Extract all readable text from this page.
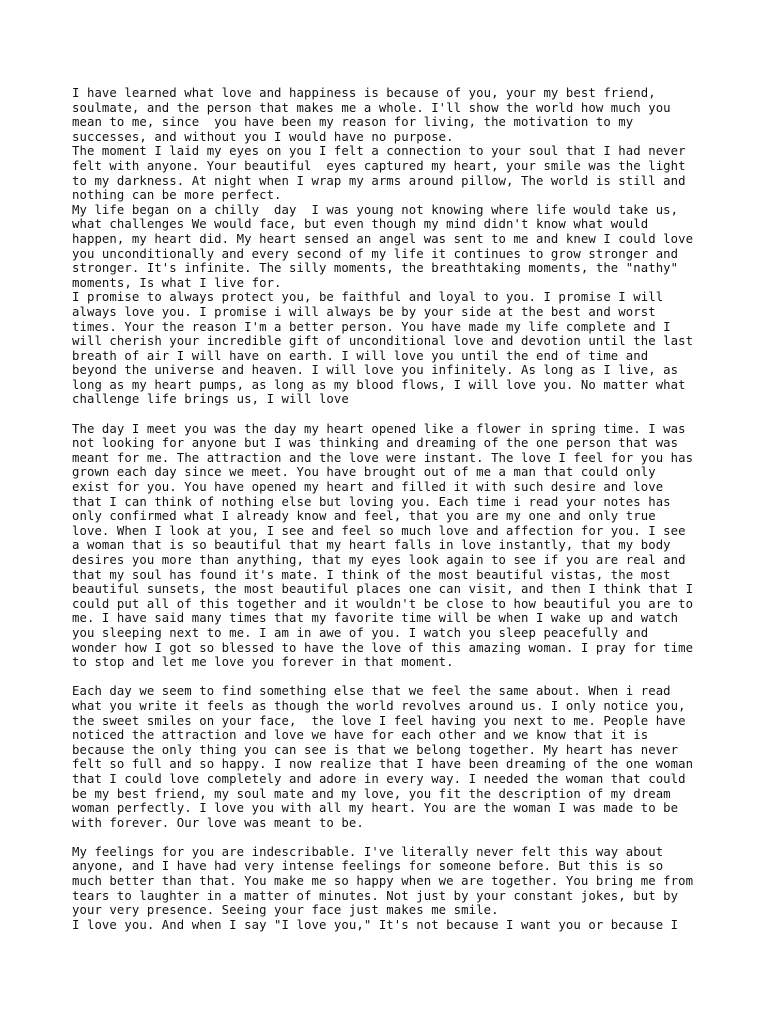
I have learned what love and happiness is because of you, your my best friend,
soulmate, and the person that makes me a whole. I'll show the world how much you
mean to me, since  you have been my reason for living, the motivation to my
successes, and without you I would have no purpose.
The moment I laid my eyes on you I felt a connection to your soul that I had never
felt with anyone. Your beautiful  eyes captured my heart, your smile was the light
to my darkness. At night when I wrap my arms around pillow, The world is still and
nothing can be more perfect.
My life began on a chilly  day  I was young not knowing where life would take us,
what challenges We would face, but even though my mind didn't know what would
happen, my heart did. My heart sensed an angel was sent to me and knew I could love
you unconditionally and every second of my life it continues to grow stronger and
stronger. It's infinite. The silly moments, the breathtaking moments, the "nathy"
moments, Is what I live for.
I promise to always protect you, be faithful and loyal to you. I promise I will
always love you. I promise i will always be by your side at the best and worst
times. Your the reason I'm a better person. You have made my life complete and I
will cherish your incredible gift of unconditional love and devotion until the last
breath of air I will have on earth. I will love you until the end of time and
beyond the universe and heaven. I will love you infinitely. As long as I live, as
long as my heart pumps, as long as my blood flows, I will love you. No matter what
challenge life brings us, I will love
The day I meet you was the day my heart opened like a flower in spring time. I was
not looking for anyone but I was thinking and dreaming of the one person that was
meant for me. The attraction and the love were instant. The love I feel for you has
grown each day since we meet. You have brought out of me a man that could only
exist for you. You have opened my heart and filled it with such desire and love
that I can think of nothing else but loving you. Each time i read your notes has
only confirmed what I already know and feel, that you are my one and only true
love. When I look at you, I see and feel so much love and affection for you. I see
a woman that is so beautiful that my heart falls in love instantly, that my body
desires you more than anything, that my eyes look again to see if you are real and
that my soul has found it's mate. I think of the most beautiful vistas, the most
beautiful sunsets, the most beautiful places one can visit, and then I think that I
could put all of this together and it wouldn't be close to how beautiful you are to
me. I have said many times that my favorite time will be when I wake up and watch
you sleeping next to me. I am in awe of you. I watch you sleep peacefully and
wonder how I got so blessed to have the love of this amazing woman. I pray for time
to stop and let me love you forever in that moment.
Each day we seem to find something else that we feel the same about. When i read
what you write it feels as though the world revolves around us. I only notice you,
the sweet smiles on your face,  the love I feel having you next to me. People have
noticed the attraction and love we have for each other and we know that it is
because the only thing you can see is that we belong together. My heart has never
felt so full and so happy. I now realize that I have been dreaming of the one woman
that I could love completely and adore in every way. I needed the woman that could
be my best friend, my soul mate and my love, you fit the description of my dream
woman perfectly. I love you with all my heart. You are the woman I was made to be
with forever. Our love was meant to be.
My feelings for you are indescribable. I've literally never felt this way about
anyone, and I have had very intense feelings for someone before. But this is so
much better than that. You make me so happy when we are together. You bring me from
tears to laughter in a matter of minutes. Not just by your constant jokes, but by
your very presence. Seeing your face just makes me smile.
I love you. And when I say "I love you," It's not because I want you or because I
